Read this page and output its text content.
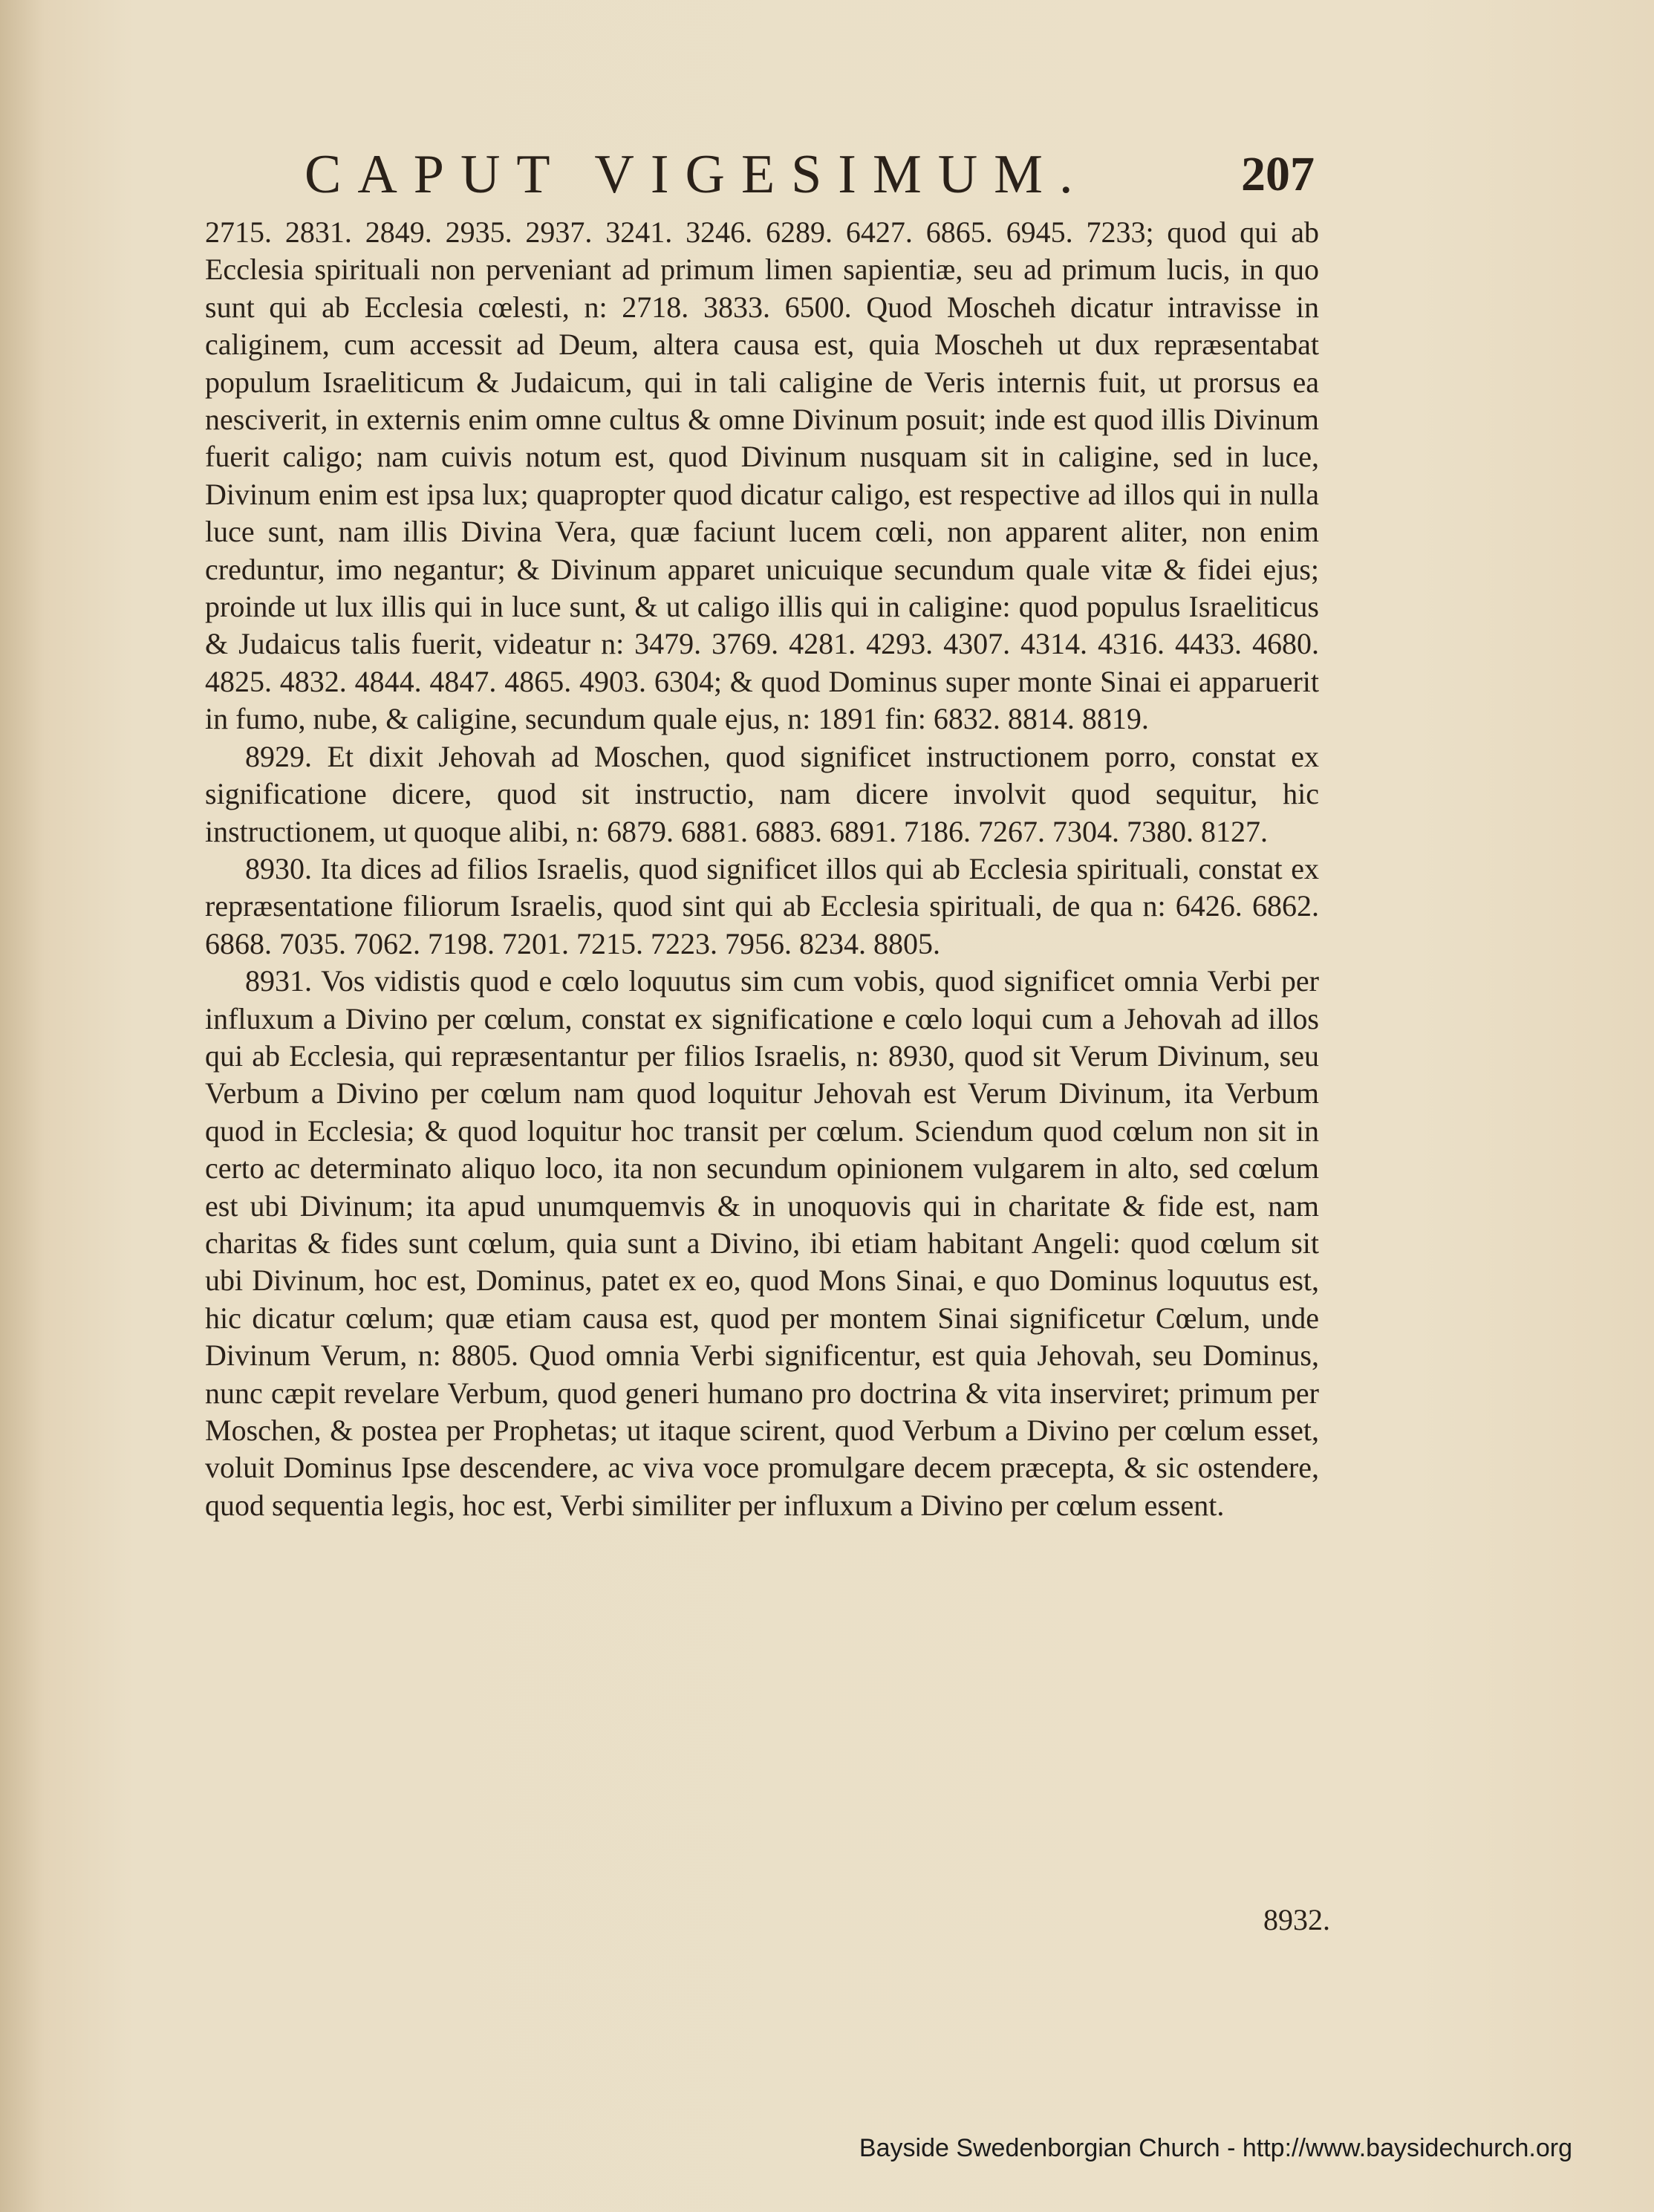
CAPUT VIGESIMUM.	207

2715. 2831. 2849. 2935. 2937. 3241. 3246. 6289. 6427. 6865. 6945. 7233; quod qui ab Ecclesia spirituali non perveniant ad primum limen sapientiæ, seu ad primum lucis, in quo sunt qui ab Ecclesia cœlesti, n: 2718. 3833. 6500. Quod Moscheh dicatur intravisse in caliginem, cum accessit ad Deum, altera causa est, quia Moscheh ut dux repræsentabat populum Israeliticum & Judaicum, qui in tali caligine de Veris internis fuit, ut prorsus ea nesciverit, in externis enim omne cultus & omne Divinum posuit; inde est quod illis Divinum fuerit caligo; nam cuivis notum est, quod Divinum nusquam sit in caligine, sed in luce, Divinum enim est ipsa lux; quapropter quod dicatur caligo, est respective ad illos qui in nulla luce sunt, nam illis Divina Vera, quæ faciunt lucem cœli, non apparent aliter, non enim creduntur, imo negantur; & Divinum apparet unicuique secundum quale vitæ & fidei ejus; proinde ut lux illis qui in luce sunt, & ut caligo illis qui in caligine: quod populus Israeliticus & Judaicus talis fuerit, videatur n: 3479. 3769. 4281. 4293. 4307. 4314. 4316. 4433. 4680. 4825. 4832. 4844. 4847. 4865. 4903. 6304; & quod Dominus super monte Sinai ei apparuerit in fumo, nube, & caligine, secundum quale ejus, n: 1891 fin: 6832. 8814. 8819.

8929. Et dixit Jehovah ad Moschen, quod significet instructionem porro, constat ex significatione dicere, quod sit instructio, nam dicere involvit quod sequitur, hic instructionem, ut quoque alibi, n: 6879. 6881. 6883. 6891. 7186. 7267. 7304. 7380. 8127.

8930. Ita dices ad filios Israelis, quod significet illos qui ab Ecclesia spirituali, constat ex repræsentatione filiorum Israelis, quod sint qui ab Ecclesia spirituali, de qua n: 6426. 6862. 6868. 7035. 7062. 7198. 7201. 7215. 7223. 7956. 8234. 8805.

8931. Vos vidistis quod e cœlo loquutus sim cum vobis, quod significet omnia Verbi per influxum a Divino per cœlum, constat ex significatione e cœlo loqui cum a Jehovah ad illos qui ab Ecclesia, qui repræsentantur per filios Israelis, n: 8930, quod sit Verum Divinum, seu Verbum a Divino per cœlum nam quod loquitur Jehovah est Verum Divinum, ita Verbum quod in Ecclesia; & quod loquitur hoc transit per cœlum. Sciendum quod cœlum non sit in certo ac determinato aliquo loco, ita non secundum opinionem vulgarem in alto, sed cœlum est ubi Divinum; ita apud unumquemvis & in unoquovis qui in charitate & fide est, nam charitas & fides sunt cœlum, quia sunt a Divino, ibi etiam habitant Angeli: quod cœlum sit ubi Divinum, hoc est, Dominus, patet ex eo, quod Mons Sinai, e quo Dominus loquutus est, hic dicatur cœlum; quæ etiam causa est, quod per montem Sinai significetur Cœlum, unde Divinum Verum, n: 8805. Quod omnia Verbi significentur, est quia Jehovah, seu Dominus, nunc cæpit revelare Verbum, quod generi humano pro doctrina & vita inserviret; primum per Moschen, & postea per Prophetas; ut itaque scirent, quod Verbum a Divino per cœlum esset, voluit Dominus Ipse descendere, ac viva voce promulgare decem præcepta, & sic ostendere, quod sequentia legis, hoc est, Verbi similiter per influxum a Divino per cœlum essent.

8932.
Bayside Swedenborgian Church - http://www.baysidechurch.org
